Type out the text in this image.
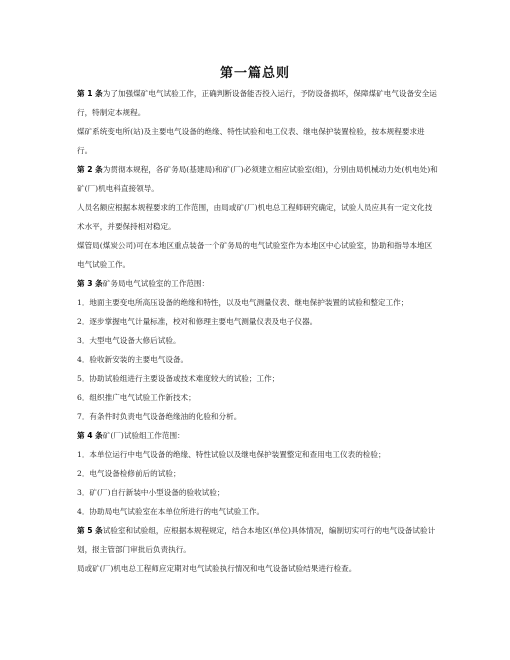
第一篇总则

第 1 条为了加强煤矿电气试验工作，正确判断设备能否投入运行，予防设备损坏，保障煤矿电气设备安全运行，特制定本规程。

煤矿系统变电所(站)及主要电气设备的绝缘、特性试验和电工仪表、继电保护装置检验，按本规程要求进行。

第 2 条为贯彻本规程，各矿务局(基建局)和矿(厂)必须建立相应试验室(组)，分别由局机械动力处(机电处)和矿(厂)机电科直接领导。

人员名额应根据本规程要求的工作范围，由局或矿(厂)机电总工程师研究确定，试验人员应具有一定文化技术水平，并要保持相对稳定。

煤管局(煤炭公司)可在本地区重点装备一个矿务局的电气试验室作为本地区中心试验室，协助和指导本地区电气试验工作。

第 3 条矿务局电气试验室的工作范围：

1．地面主要变电所高压设备的绝缘和特性，以及电气测量仪表、继电保护装置的试验和整定工作；

2．逐步掌握电气计量标准，校对和修理主要电气测量仪表及电子仪器。

3．大型电气设备大修后试验。

4．验收新安装的主要电气设备。

5．协助试验组进行主要设备或技术难度较大的试验；工作；

6．组织推广电气试验工作新技术；

7．有条件时负责电气设备绝缘油的化验和分析。

第 4 条矿(厂)试验组工作范围：

1．本单位运行中电气设备的绝缘、特性试验以及继电保护装置整定和查用电工仪表的检验；

2．电气设备检修前后的试验；

3．矿(厂)自行新装中小型设备的验收试验；

4．协助局电气试验室在本单位所进行的电气试验工作。

第 5 条试验室和试验组，应根据本规程规定，结合本地区(单位)具体情况，编制切实可行的电气设备试验计划，报主管部门审批后负责执行。

局或矿(厂)机电总工程师应定期对电气试验执行情况和电气设备试验结果进行检查。
